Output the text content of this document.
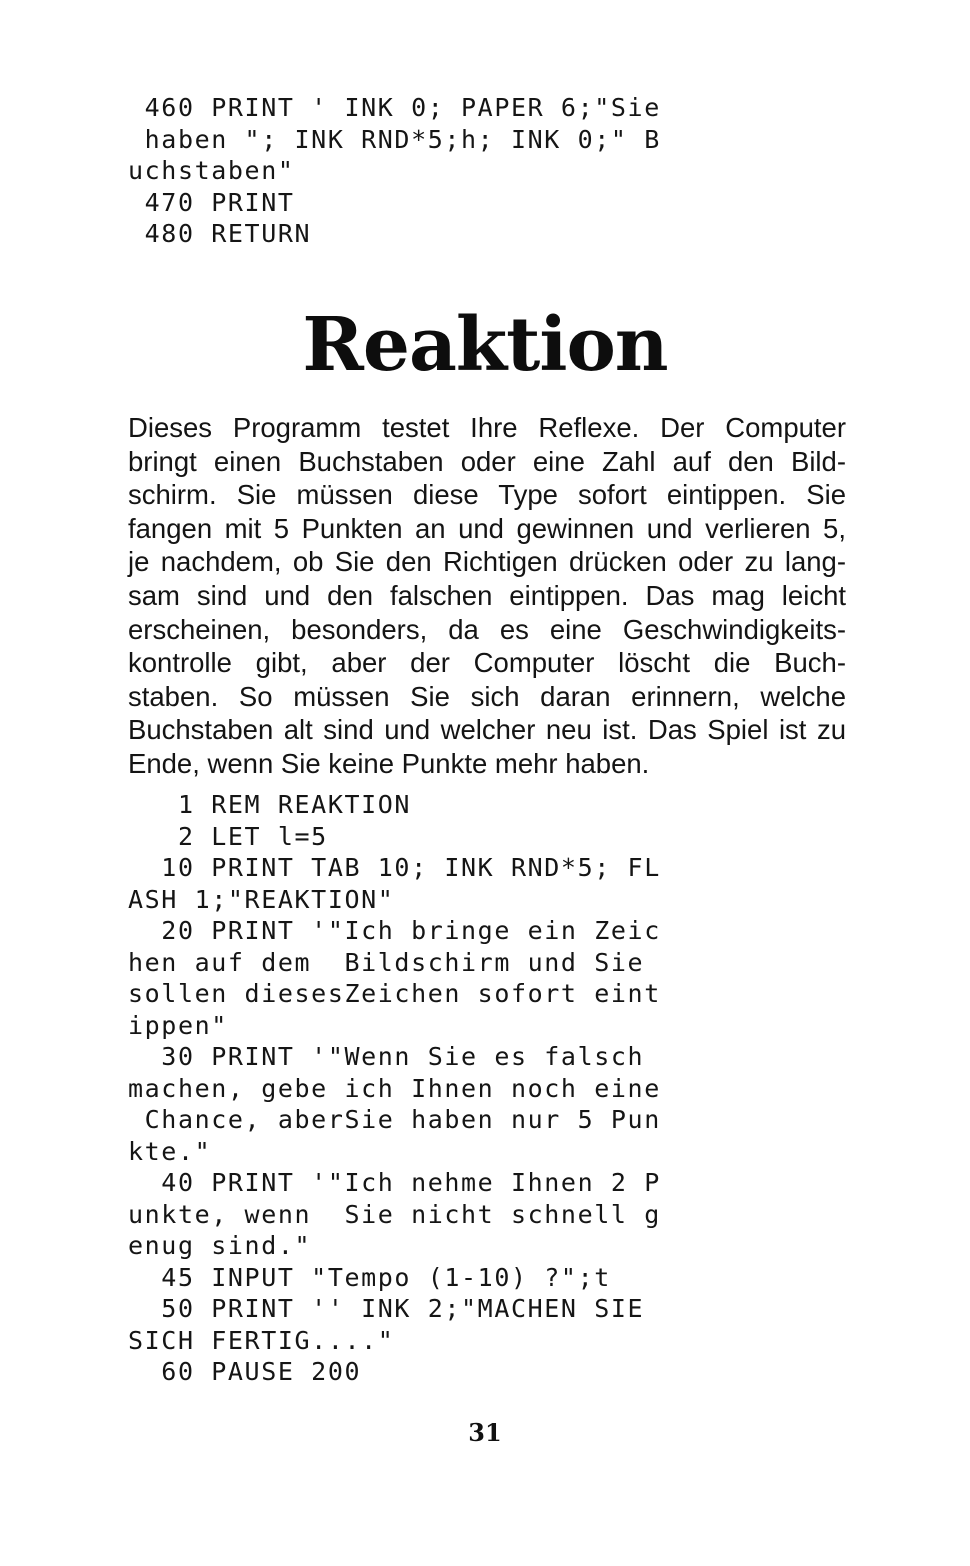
460 PRINT ' INK 0; PAPER 6;"Sie
haben "; INK RND*5;h; INK 0;" B
uchstaben"
470 PRINT
480 RETURN
Reaktion

Dieses Programm testet Ihre Reflexe. Der Computer
bringt einen Buchstaben oder eine Zahl auf den Bild-
schirm. Sie müssen diese Type sofort eintippen. Sie
fangen mit 5 Punkten an und gewinnen und verlieren 5,
je nachdem, ob Sie den Richtigen drücken oder zu lang-
sam sind und den falschen eintippen. Das mag leicht
erscheinen, besonders, da es eine Geschwindigkeits-
kontrolle gibt, aber der Computer löscht die Buch-
staben. So müssen Sie sich daran erinnern, welche
Buchstaben alt sind und welcher neu ist. Das Spiel ist zu
Ende, wenn Sie keine Punkte mehr haben.

1 REM REAKTION
2 LET l=5
10 PRINT TAB 10; INK RND*5; FL
ASH 1;"REAKTION"
20 PRINT '"Ich bringe ein Zeic
hen auf dem  Bildschirm und Sie
sollen diesesZeichen sofort eint
ippen"
30 PRINT '"Wenn Sie es falsch
machen, gebe ich Ihnen noch eine
Chance, aberSie haben nur 5 Pun
kte."
40 PRINT '"Ich nehme Ihnen 2 P
unkte, wenn  Sie nicht schnell g
enug sind."
45 INPUT "Tempo (1-10) ?";t
50 PRINT '' INK 2;"MACHEN SIE
SICH FERTIG...."
60 PAUSE 200
31
